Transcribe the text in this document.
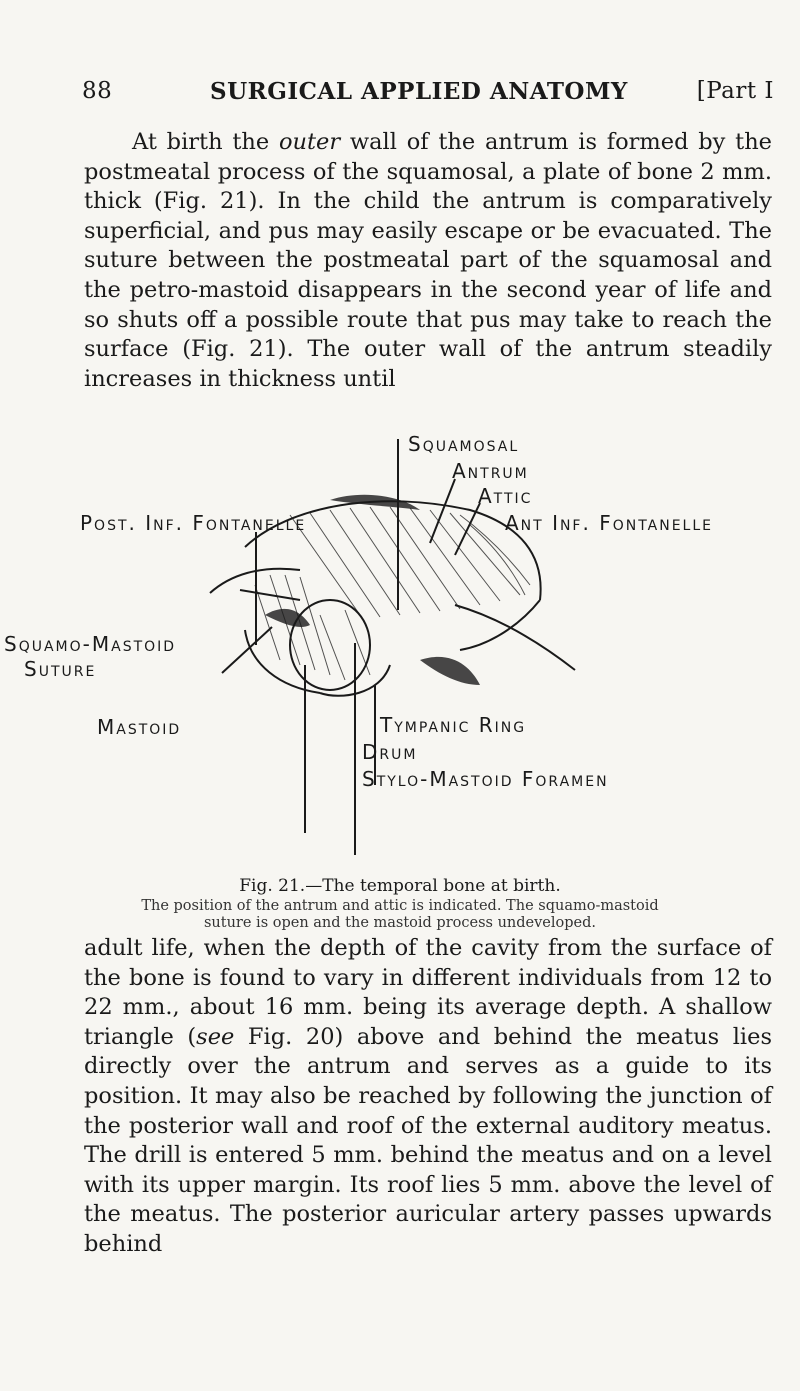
88	SURGICAL APPLIED ANATOMY	[Part I

At birth the outer wall of the antrum is formed by the postmeatal process of the squamosal, a plate of bone 2 mm. thick (Fig. 21). In the child the antrum is comparatively superficial, and pus may easily escape or be evacuated. The suture between the postmeatal part of the squamosal and the petro-mastoid disappears in the second year of life and so shuts off a possible route that pus may take to reach the surface (Fig. 21). The outer wall of the antrum steadily increases in thickness until

Squamosal

Antrum

Attic

Post. Inf. Fontanelle	Ant Inf. Fontanelle

Squamo-Mastoid

Suture

Mastoid	Tympanic Ring

Drum

Stylo-Mastoid Foramen

Fig. 21.—The temporal bone at birth.

The position of the antrum and attic is indicated. The squamo-mastoid suture is open and the mastoid process undeveloped.

adult life, when the depth of the cavity from the surface of the bone is found to vary in different individuals from 12 to 22 mm., about 16 mm. being its average depth. A shallow triangle (see Fig. 20) above and behind the meatus lies directly over the antrum and serves as a guide to its position. It may also be reached by following the junction of the posterior wall and roof of the external auditory meatus. The drill is entered 5 mm. behind the meatus and on a level with its upper margin. Its roof lies 5 mm. above the level of the meatus. The posterior auricular artery passes upwards behind
